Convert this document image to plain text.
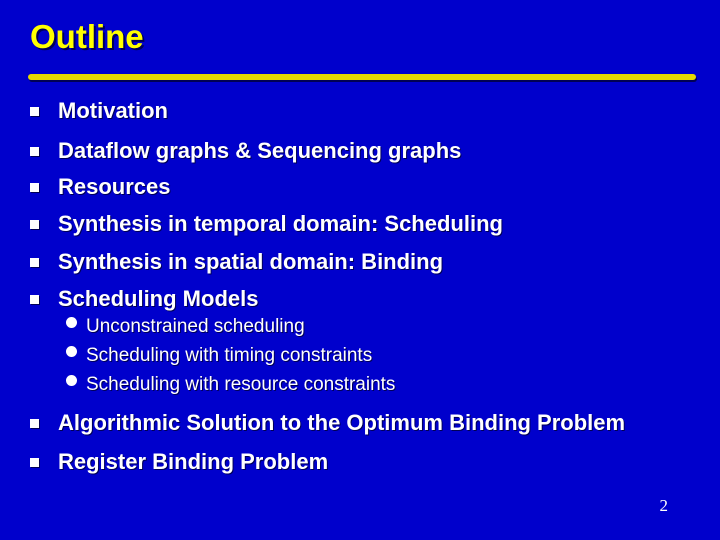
Outline
Motivation
Dataflow graphs & Sequencing graphs
Resources
Synthesis in temporal domain: Scheduling
Synthesis in spatial domain: Binding
Scheduling Models
Unconstrained scheduling
Scheduling with timing constraints
Scheduling with resource constraints
Algorithmic Solution to the Optimum Binding Problem
Register Binding Problem
2
